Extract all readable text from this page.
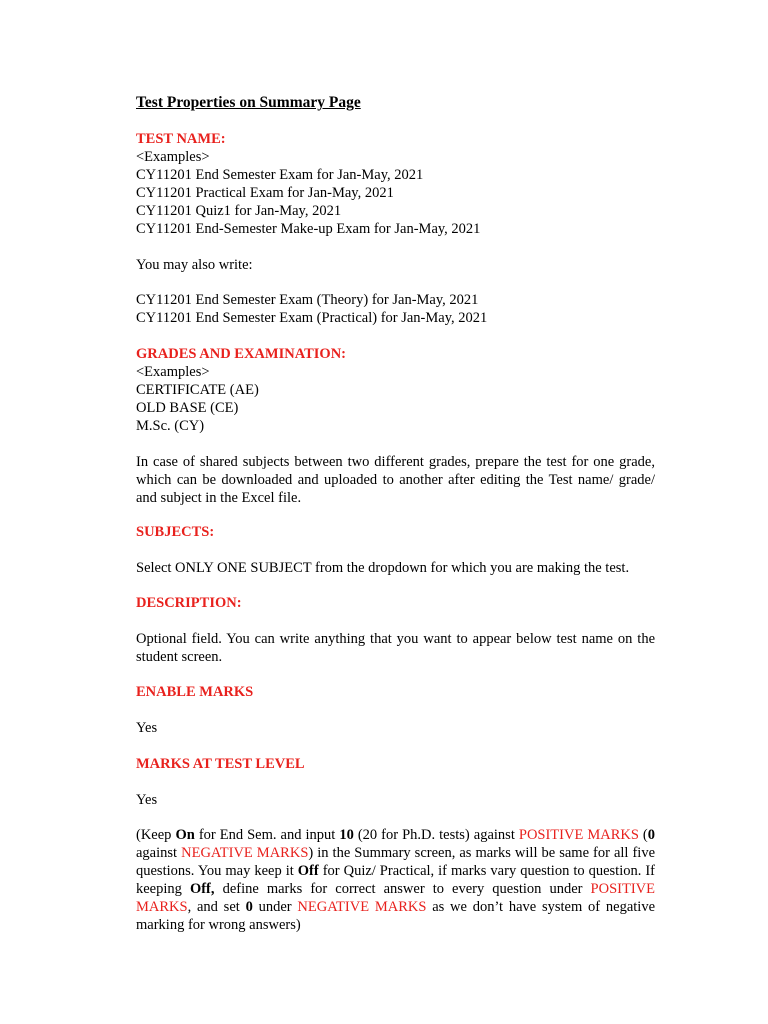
Test Properties on Summary Page

TEST NAME:

<Examples>

CY11201 End Semester Exam for Jan-May, 2021

CY11201 Practical Exam for Jan-May, 2021

CY11201 Quiz1 for Jan-May, 2021

CY11201 End-Semester Make-up Exam for Jan-May, 2021

You may also write:

CY11201 End Semester Exam (Theory) for Jan-May, 2021

CY11201 End Semester Exam (Practical) for Jan-May, 2021

GRADES AND EXAMINATION:

<Examples>

CERTIFICATE (AE)

OLD BASE (CE)

M.Sc. (CY)

In case of shared subjects between two different grades, prepare the test for one grade, which can be downloaded and uploaded to another after editing the Test name/ grade/ and subject in the Excel file.

SUBJECTS:

Select ONLY ONE SUBJECT from the dropdown for which you are making the test.

DESCRIPTION:

Optional field. You can write anything that you want to appear below test name on the student screen.

ENABLE MARKS

Yes

MARKS AT TEST LEVEL

Yes

(Keep On for End Sem. and input 10 (20 for Ph.D. tests) against POSITIVE MARKS (0 against NEGATIVE MARKS) in the Summary screen, as marks will be same for all five questions. You may keep it Off for Quiz/ Practical, if marks vary question to question. If keeping Off, define marks for correct answer to every question under POSITIVE MARKS, and set 0 under NEGATIVE MARKS as we don’t have system of negative marking for wrong answers)
